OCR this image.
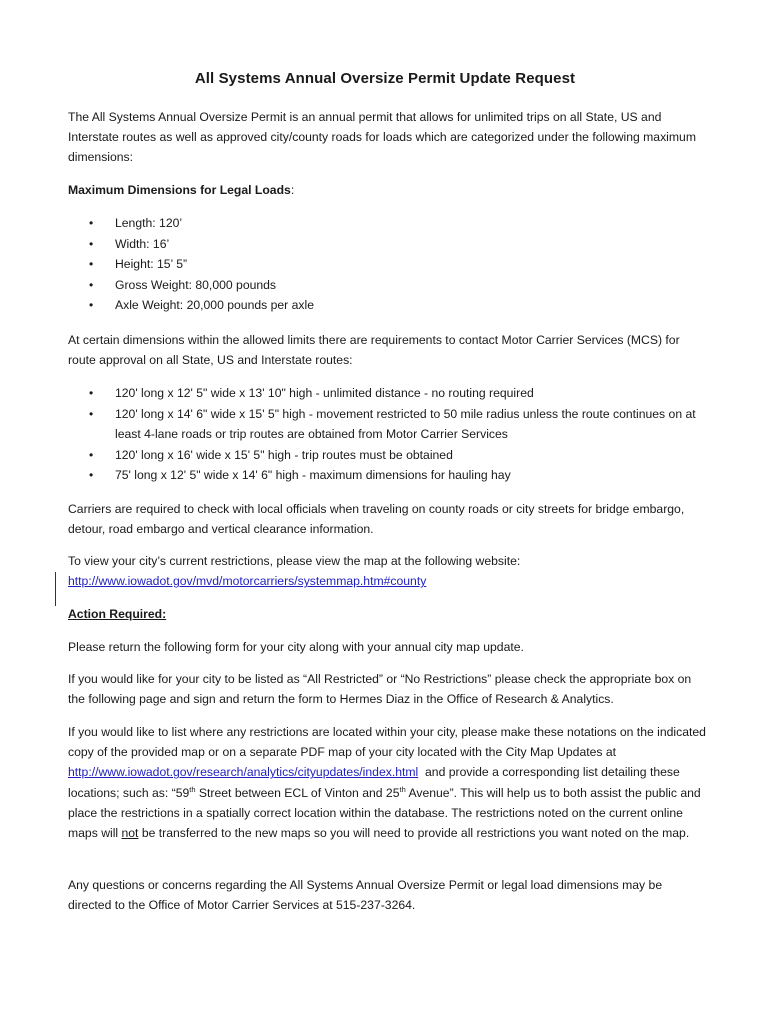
All Systems Annual Oversize Permit Update Request

The All Systems Annual Oversize Permit is an annual permit that allows for unlimited trips on all State, US and Interstate routes as well as approved city/county roads for loads which are categorized under the following maximum dimensions:

Maximum Dimensions for Legal Loads:
• Length: 120’
• Width: 16’
• Height: 15’ 5”
• Gross Weight: 80,000 pounds
• Axle Weight: 20,000 pounds per axle

At certain dimensions within the allowed limits there are requirements to contact Motor Carrier Services (MCS) for route approval on all State, US and Interstate routes:

• 120' long x 12' 5" wide x 13' 10" high - unlimited distance - no routing required
• 120' long x 14' 6" wide x 15' 5" high - movement restricted to 50 mile radius unless the route continues on at least 4-lane roads or trip routes are obtained from Motor Carrier Services
• 120' long x 16' wide x 15' 5" high - trip routes must be obtained
• 75' long x 12' 5" wide x 14' 6" high - maximum dimensions for hauling hay

Carriers are required to check with local officials when traveling on county roads or city streets for bridge embargo, detour, road embargo and vertical clearance information.

To view your city’s current restrictions, please view the map at the following website:
http://www.iowadot.gov/mvd/motorcarriers/systemmap.htm#county

Action Required:

Please return the following form for your city along with your annual city map update.

If you would like for your city to be listed as “All Restricted” or “No Restrictions” please check the appropriate box on the following page and sign and return the form to Hermes Diaz in the Office of Research & Analytics.

If you would like to list where any restrictions are located within your city, please make these notations on the indicated copy of the provided map or on a separate PDF map of your city located with the City Map Updates at
http://www.iowadot.gov/research/analytics/cityupdates/index.html  and provide a corresponding list detailing these locations; such as: “59th Street between ECL of Vinton and 25th Avenue”. This will help us to both assist the public and place the restrictions in a spatially correct location within the database. The restrictions noted on the current online maps will not be transferred to the new maps so you will need to provide all restrictions you want noted on the map.

Any questions or concerns regarding the All Systems Annual Oversize Permit or legal load dimensions may be directed to the Office of Motor Carrier Services at 515-237-3264.
